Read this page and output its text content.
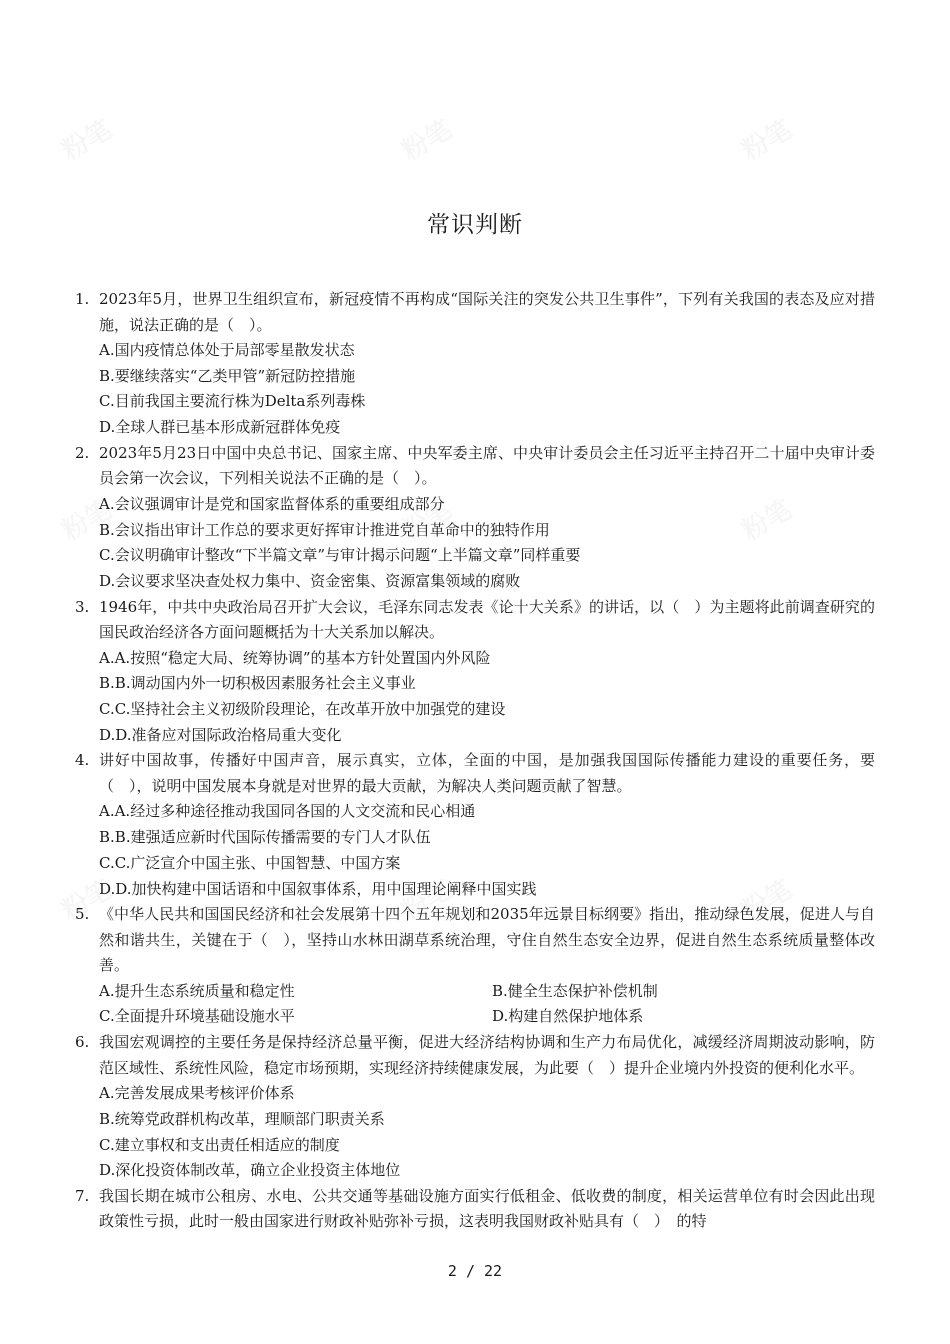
常识判断
1. 2023年5月，世界卫生组织宣布，新冠疫情不再构成“国际关注的突发公共卫生事件”，下列有关我国的表态及应对措施，说法正确的是（　）。
A.国内疫情总体处于局部零星散发状态
B.要继续落实“乙类甲管”新冠防控措施
C.目前我国主要流行株为Delta系列毒株
D.全球人群已基本形成新冠群体免疫
2. 2023年5月23日中国中央总书记、国家主席、中央军委主席、中央审计委员会主任习近平主持召开二十届中央审计委员会第一次会议，下列相关说法不正确的是（　）。
A.会议强调审计是党和国家监督体系的重要组成部分
B.会议指出审计工作总的要求更好挥审计推进党自革命中的独特作用
C.会议明确审计整改“下半篇文章”与审计揭示问题“上半篇文章”同样重要
D.会议要求坚决查处权力集中、资金密集、资源富集领域的腐败
3. 1946年，中共中央政治局召开扩大会议，毛泽东同志发表《论十大关系》的讲话，以（　）为主题将此前调查研究的国民政治经济各方面问题概括为十大关系加以解决。
A.A.按照“稳定大局、统筹协调”的基本方针处置国内外风险
B.B.调动国内外一切积极因素服务社会主义事业
C.C.坚持社会主义初级阶段理论，在改革开放中加强党的建设
D.D.准备应对国际政治格局重大变化
4. 讲好中国故事，传播好中国声音，展示真实，立体，全面的中国，是加强我国国际传播能力建设的重要任务，要（　），说明中国发展本身就是对世界的最大贡献，为解决人类问题贡献了智慧。
A.A.经过多种途径推动我国同各国的人文交流和民心相通
B.B.建强适应新时代国际传播需要的专门人才队伍
C.C.广泛宣介中国主张、中国智慧、中国方案
D.D.加快构建中国话语和中国叙事体系，用中国理论阐释中国实践
5. 《中华人民共和国国民经济和社会发展第十四个五年规划和2035年远景目标纲要》指出，推动绿色发展，促进人与自然和谐共生，关键在于（　），坚持山水林田湖草系统治理，守住自然生态安全边界，促进自然生态系统质量整体改善。
A.提升生态系统质量和稳定性	B.健全生态保护补偿机制
C.全面提升环境基础设施水平	D.构建自然保护地体系
6. 我国宏观调控的主要任务是保持经济总量平衡，促进大经济结构协调和生产力布局优化，减缓经济周期波动影响，防范区域性、系统性风险，稳定市场预期，实现经济持续健康发展，为此要（　）提升企业境内外投资的便利化水平。
A.完善发展成果考核评价体系
B.统筹党政群机构改革，理顺部门职责关系
C.建立事权和支出责任相适应的制度
D.深化投资体制改革，确立企业投资主体地位
7. 我国长期在城市公租房、水电、公共交通等基础设施方面实行低租金、低收费的制度，相关运营单位有时会因此出现政策性亏损，此时一般由国家进行财政补贴弥补亏损，这表明我国财政补贴具有（　）　的特
2 / 22
